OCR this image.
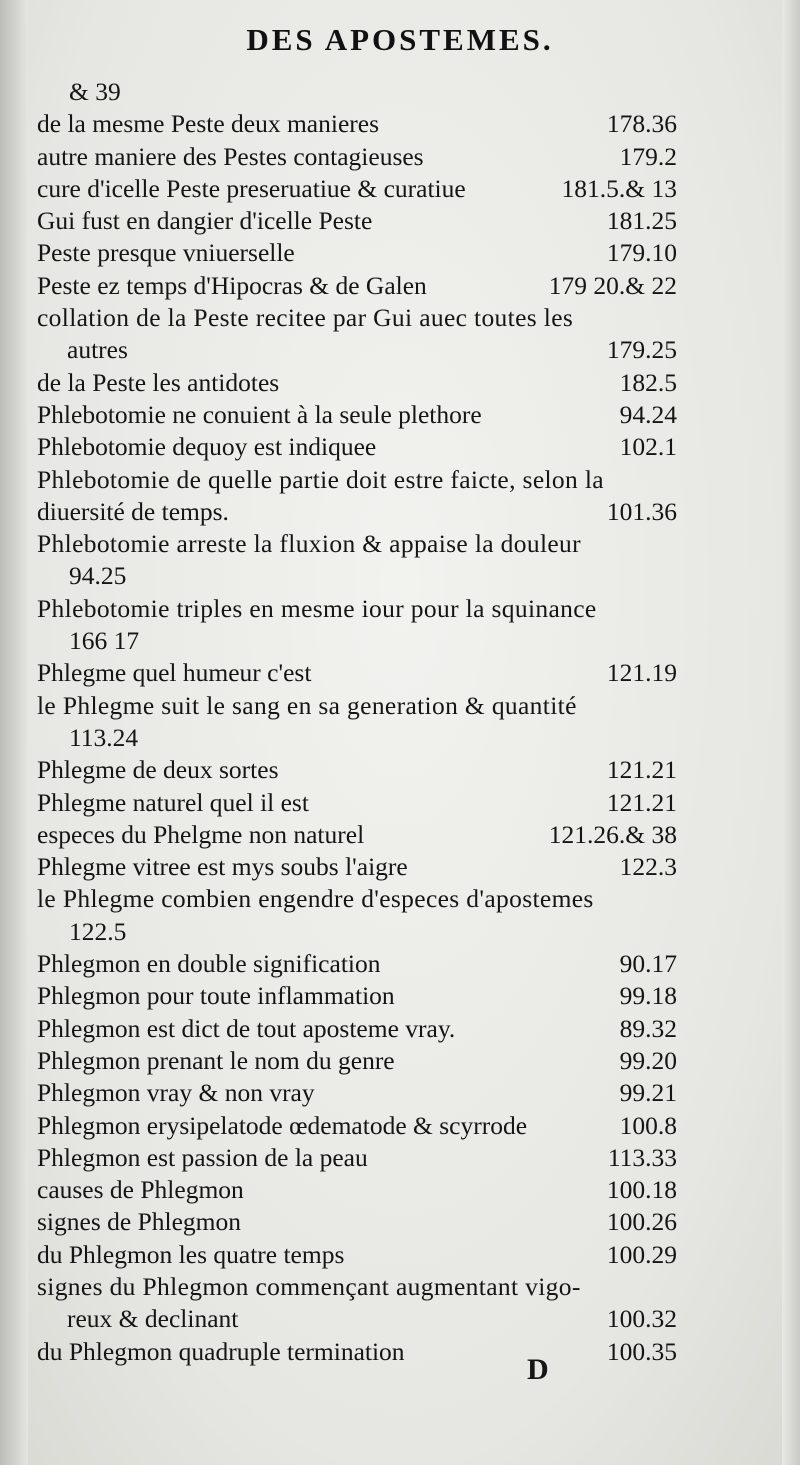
DES APOSTEMES.
& 39
de la mesme Peste deux manieres	178.36
autre maniere des Pestes contagieuses	179.2
cure d'icelle Peste preseruatiue & curatiue	181.5.& 13
Gui fust en dangier d'icelle Peste	181.25
Peste presque vniuerselle	179.10
Peste ez temps d'Hipocras & de Galen	179 20.& 22
collation de la Peste recitee par Gui auec toutes les
autres	179.25
de la Peste les antidotes	182.5
Phlebotomie ne conuient à la seule plethore	94.24
Phlebotomie dequoy est indiquee	102.1
Phlebotomie de quelle partie doit estre faicte, selon la
diuersité de temps.	101.36
Phlebotomie arreste la fluxion & appaise la douleur
94.25
Phlebotomie triples en mesme iour pour la squinance
166 17
Phlegme quel humeur c'est	121.19
le Phlegme suit le sang en sa generation & quantité
113.24
Phlegme de deux sortes	121.21
Phlegme naturel quel il est	121.21
especes du Phelgme non naturel	121.26.& 38
Phlegme vitree est mys soubs l'aigre	122.3
le Phlegme combien engendre d'especes d'apostemes
122.5
Phlegmon en double signification	90.17
Phlegmon pour toute inflammation	99.18
Phlegmon est dict de tout aposteme vray.	89.32
Phlegmon prenant le nom du genre	99.20
Phlegmon vray & non vray	99.21
Phlegmon erysipelatode œdematode & scyrrode	100.8
Phlegmon est passion de la peau	113.33
causes de Phlegmon	100.18
signes de Phlegmon	100.26
du Phlegmon les quatre temps	100.29
signes du Phlegmon commençant augmentant vigo-
reux & declinant	100.32
du Phlegmon quadruple termination	100.35
D
